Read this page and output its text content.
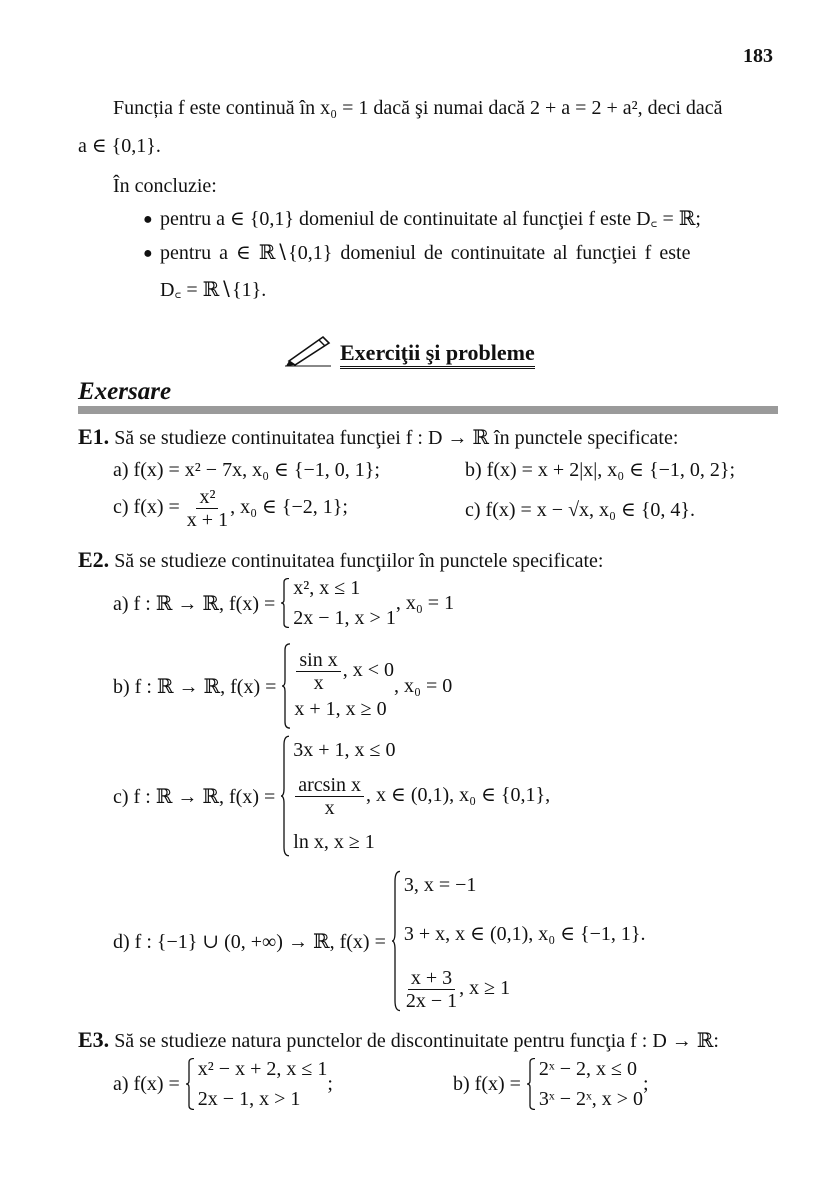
183
Funcția f este continuă în x₀ = 1 dacă şi numai dacă 2 + a = 2 + a², deci dacă
a ∈ {0,1}.
În concluzie:
● pentru a ∈ {0,1} domeniul de continuitate al funcţiei f este D꜀ = ℝ;
● pentru a ∈ ℝ∖{0,1} domeniul de continuitate al funcţiei f este
D꜀ = ℝ∖{1}.
Exerciţii şi probleme
Exersare
E1. Să se studieze continuitatea funcţiei f : D → ℝ în punctele specificate:
a) f(x) = x² − 7x, x₀ ∈ {−1, 0, 1};	b) f(x) = x + 2|x|, x₀ ∈ {−1, 0, 2};
c) $f(x) = \frac{\text{x²}}{x + 1}$ , x₀ ∈ {−2, 1};	c) f(x) = x − √x, x₀ ∈ {0, 4}.
E2. Să se studieze continuitatea funcţiilor în punctele specificate:
a) f : ℝ → ℝ, f(x) =

x², x ≤ 1
2x − 1, x > 1
, x₀ = 1
b) f : ℝ → ℝ, f(x) =
$\frac{\text{sin x}}{x}$ , x < 0
x + 1, x ≥ 0
, x₀ = 0
c) f : ℝ → ℝ, f(x) =

3x + 1, x ≤ 0
$\frac{\text{arcsin x}}{x}$ , x ∈ (0,1), x₀ ∈ {0,1},
ln x, x ≥ 1
d) f : {−1} ∪ (0, +∞) → ℝ, f(x) =

3, x = −1
3 + x, x ∈ (0,1), x₀ ∈ {−1, 1}.
$\frac{x + 3}{2x - 1}$ , x ≥ 1
E3. Să se studieze natura punctelor de discontinuitate pentru funcţia f : D → ℝ:
a) f(x) =

x² − x + 2, x ≤ 1
2x − 1, x > 1
;	b) f(x) =

2ˣ − 2, x ≤ 0
3ˣ − 2ˣ, x > 0
;
